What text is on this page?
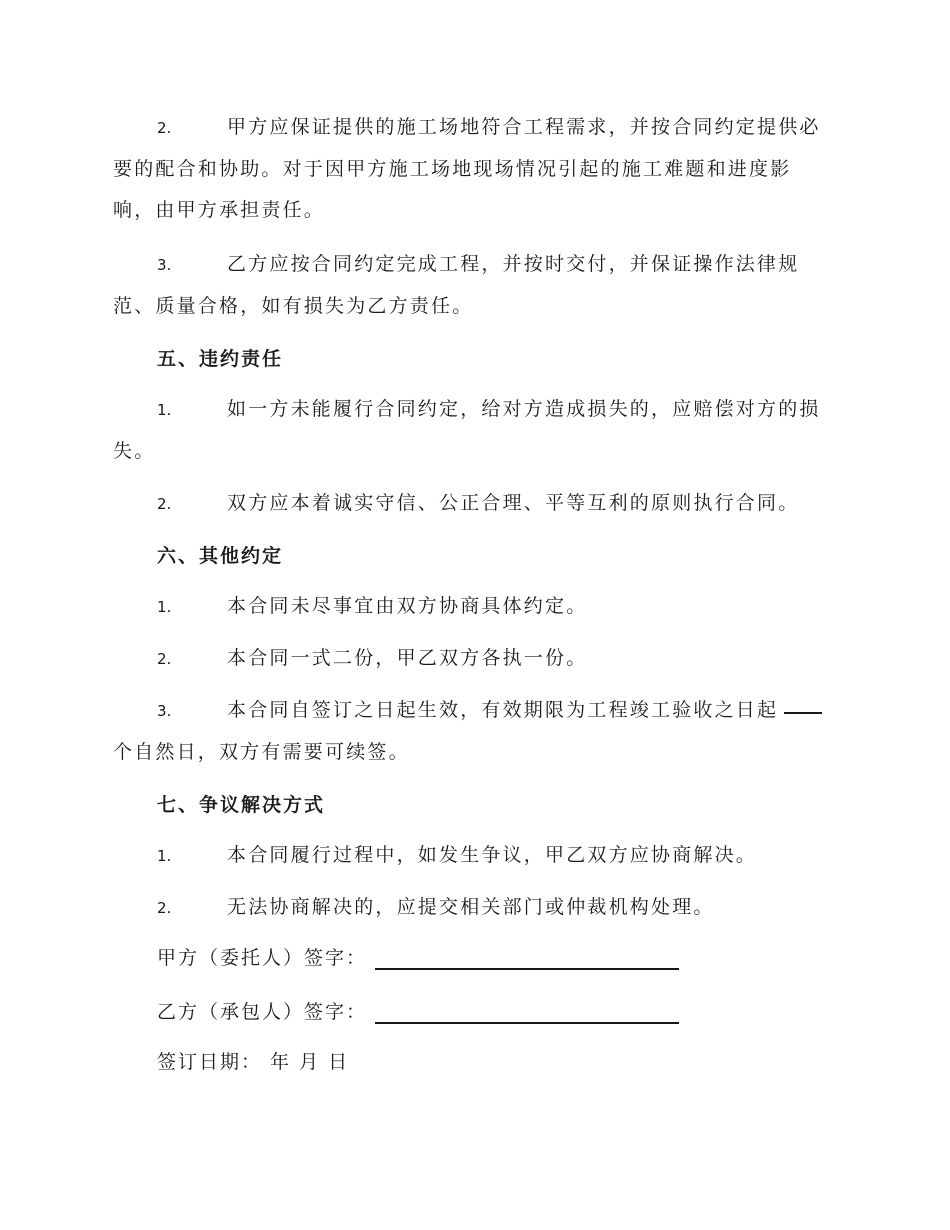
2.	甲方应保证提供的施工场地符合工程需求，并按合同约定提供必要的配合和协助。对于因甲方施工场地现场情况引起的施工难题和进度影响，由甲方承担责任。

3.	乙方应按合同约定完成工程，并按时交付，并保证操作法律规范、质量合格，如有损失为乙方责任。

五、违约责任

1.	如一方未能履行合同约定，给对方造成损失的，应赔偿对方的损失。

2.	双方应本着诚实守信、公正合理、平等互利的原则执行合同。

六、其他约定

1.	本合同未尽事宜由双方协商具体约定。

2.	本合同一式二份，甲乙双方各执一份。

3.	本合同自签订之日起生效，有效期限为工程竣工验收之日起个自然日，双方有需要可续签。

七、争议解决方式

1.	本合同履行过程中，如发生争议，甲乙双方应协商解决。

2.	无法协商解决的，应提交相关部门或仲裁机构处理。

甲方（委托人）签字：

乙方（承包人）签字：

签订日期： 年 月 日
